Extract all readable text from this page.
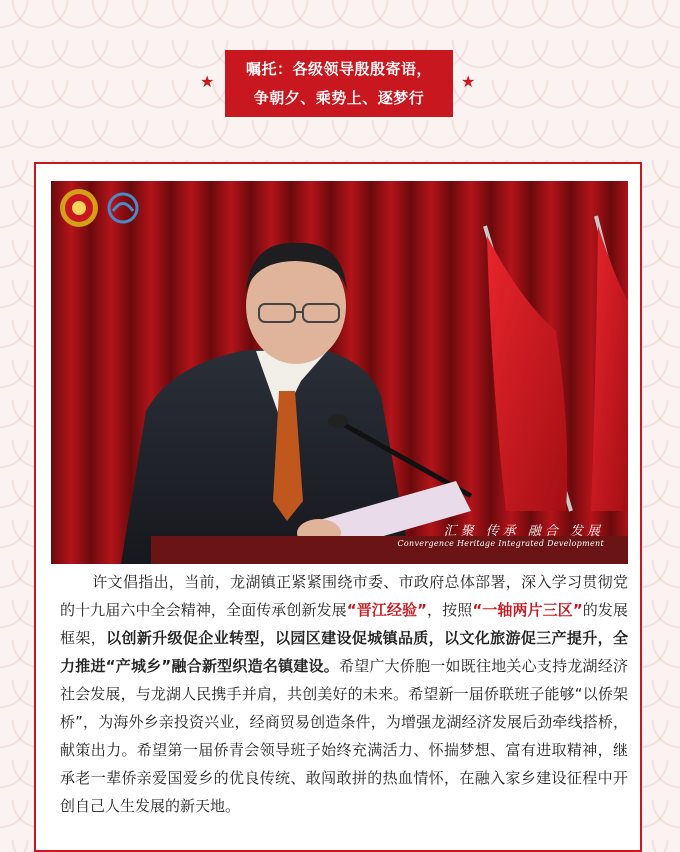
★
嘱托：各级领导殷殷寄语，
争朝夕、乘势上、逐梦行
★
汇聚 传承 融合 发展
Convergence Heritage Integrated Development
许文倡指出，当前，龙湖镇正紧紧围绕市委、市政府总体部署，深入学习贯彻党的十九届六中全会精神，全面传承创新发展“晋江经验”，按照“一轴两片三区”的发展框架，以创新升级促企业转型，以园区建设促城镇品质，以文化旅游促三产提升，全力推进“产城乡”融合新型织造名镇建设。希望广大侨胞一如既往地关心支持龙湖经济社会发展，与龙湖人民携手并肩，共创美好的未来。希望新一届侨联班子能够“以侨架桥”，为海外乡亲投资兴业，经商贸易创造条件，为增强龙湖经济发展后劲牵线搭桥，献策出力。希望第一届侨青会领导班子始终充满活力、怀揣梦想、富有进取精神，继承老一辈侨亲爱国爱乡的优良传统、敢闯敢拼的热血情怀，在融入家乡建设征程中开创自己人生发展的新天地。
